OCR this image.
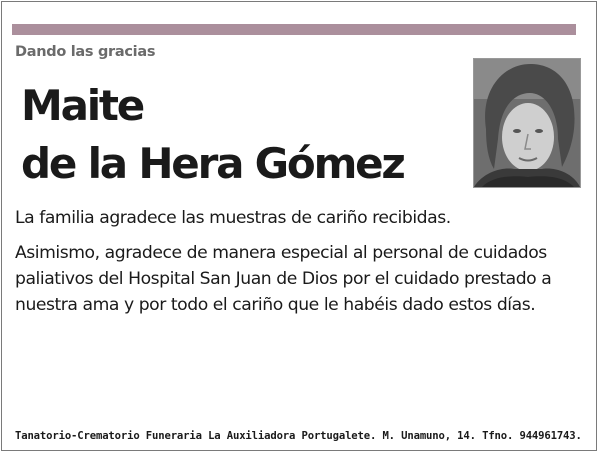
Dando las gracias
Maite
de la Hera Gómez
La familia agradece las muestras de cariño recibidas.
Asimismo, agradece de manera especial al personal de cuidados paliativos del Hospital San Juan de Dios por el cuidado prestado a nuestra ama y por todo el cariño que le habéis dado estos días.
Tanatorio-Crematorio Funeraria La Auxiliadora Portugalete. M. Unamuno, 14. Tfno. 944961743.
